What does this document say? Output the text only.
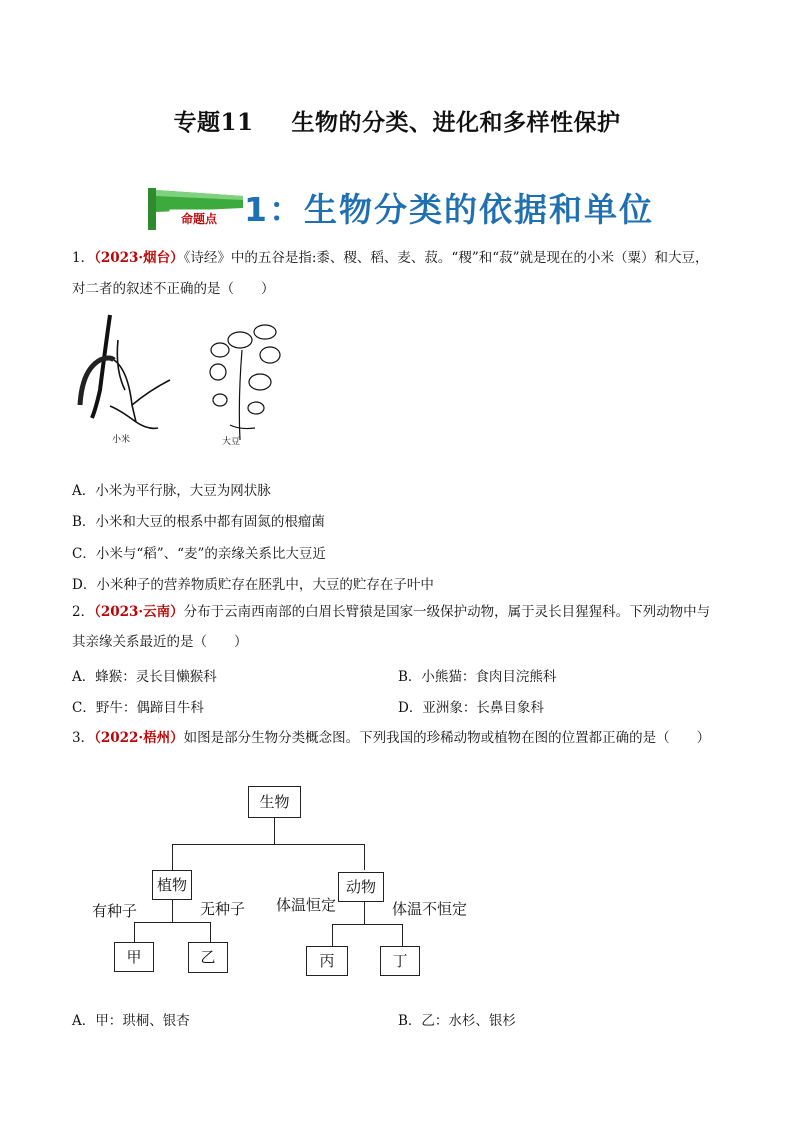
专题11 生物的分类、进化和多样性保护
命题点 1：生物分类的依据和单位
1．（2023·烟台）《诗经》中的五谷是指:黍、稷、稻、麦、菽。“稷”和“菽”就是现在的小米（粟）和大豆，
对二者的叙述不正确的是（　　）
小米	大豆
A．小米为平行脉，大豆为网状脉
B．小米和大豆的根系中都有固氮的根瘤菌
C．小米与“稻”、“麦”的亲缘关系比大豆近
D．小米种子的营养物质贮存在胚乳中，大豆的贮存在子叶中
2．（2023·云南）分布于云南西南部的白眉长臂猿是国家一级保护动物，属于灵长目猩猩科。下列动物中与
其亲缘关系最近的是（　　）
A．蜂猴：灵长目懒猴科	B．小熊猫：食肉目浣熊科
C．野牛：偶蹄目牛科	D．亚洲象：长鼻目象科
3．（2022·梧州）如图是部分生物分类概念图。下列我国的珍稀动物或植物在图的位置都正确的是（　　）
生物
植物	动物
有种子	无种子 体温恒定	体温不恒定
甲	乙	丙	丁
A．甲：珙桐、银杏	B．乙：水杉、银杉
